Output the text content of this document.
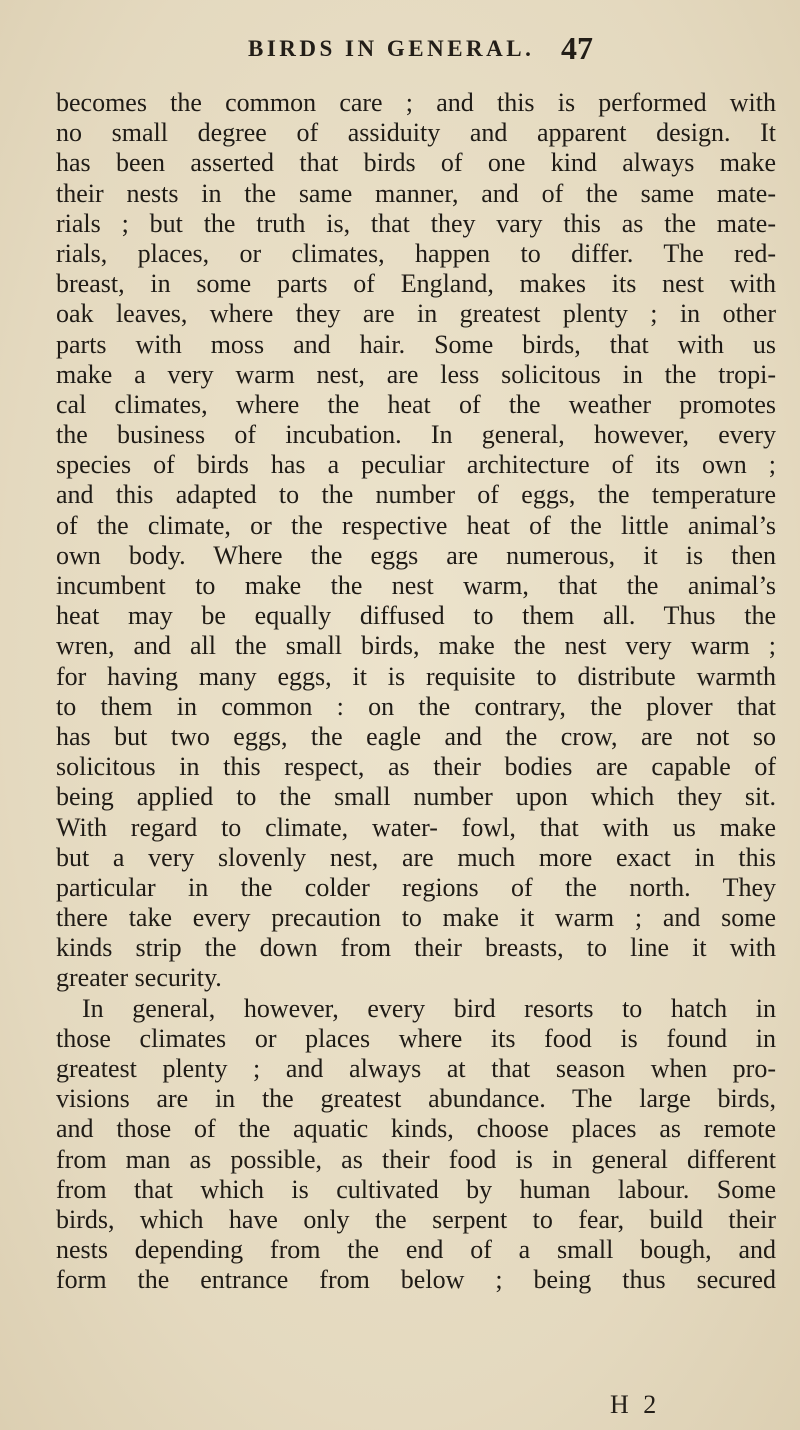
BIRDS IN GENERAL. 47
becomes the common care ; and this is performed with
no small degree of assiduity and apparent design. It
has been asserted that birds of one kind always make
their nests in the same manner, and of the same mate-
rials ; but the truth is, that they vary this as the mate-
rials, places, or climates, happen to differ. The red-
breast, in some parts of England, makes its nest with
oak leaves, where they are in greatest plenty ; in other
parts with moss and hair. Some birds, that with us
make a very warm nest, are less solicitous in the tropi-
cal climates, where the heat of the weather promotes
the business of incubation. In general, however, every
species of birds has a peculiar architecture of its own ;
and this adapted to the number of eggs, the temperature
of the climate, or the respective heat of the little animal’s
own body. Where the eggs are numerous, it is then
incumbent to make the nest warm, that the animal’s
heat may be equally diffused to them all. Thus the
wren, and all the small birds, make the nest very warm ;
for having many eggs, it is requisite to distribute warmth
to them in common : on the contrary, the plover that
has but two eggs, the eagle and the crow, are not so
solicitous in this respect, as their bodies are capable of
being applied to the small number upon which they sit.
With regard to climate, water- fowl, that with us make
but a very slovenly nest, are much more exact in this
particular in the colder regions of the north. They
there take every precaution to make it warm ; and some
kinds strip the down from their breasts, to line it with
greater security.
In general, however, every bird resorts to hatch in
those climates or places where its food is found in
greatest plenty ; and always at that season when pro-
visions are in the greatest abundance. The large birds,
and those of the aquatic kinds, choose places as remote
from man as possible, as their food is in general different
from that which is cultivated by human labour. Some
birds, which have only the serpent to fear, build their
nests depending from the end of a small bough, and
form the entrance from below ; being thus secured
H 2
